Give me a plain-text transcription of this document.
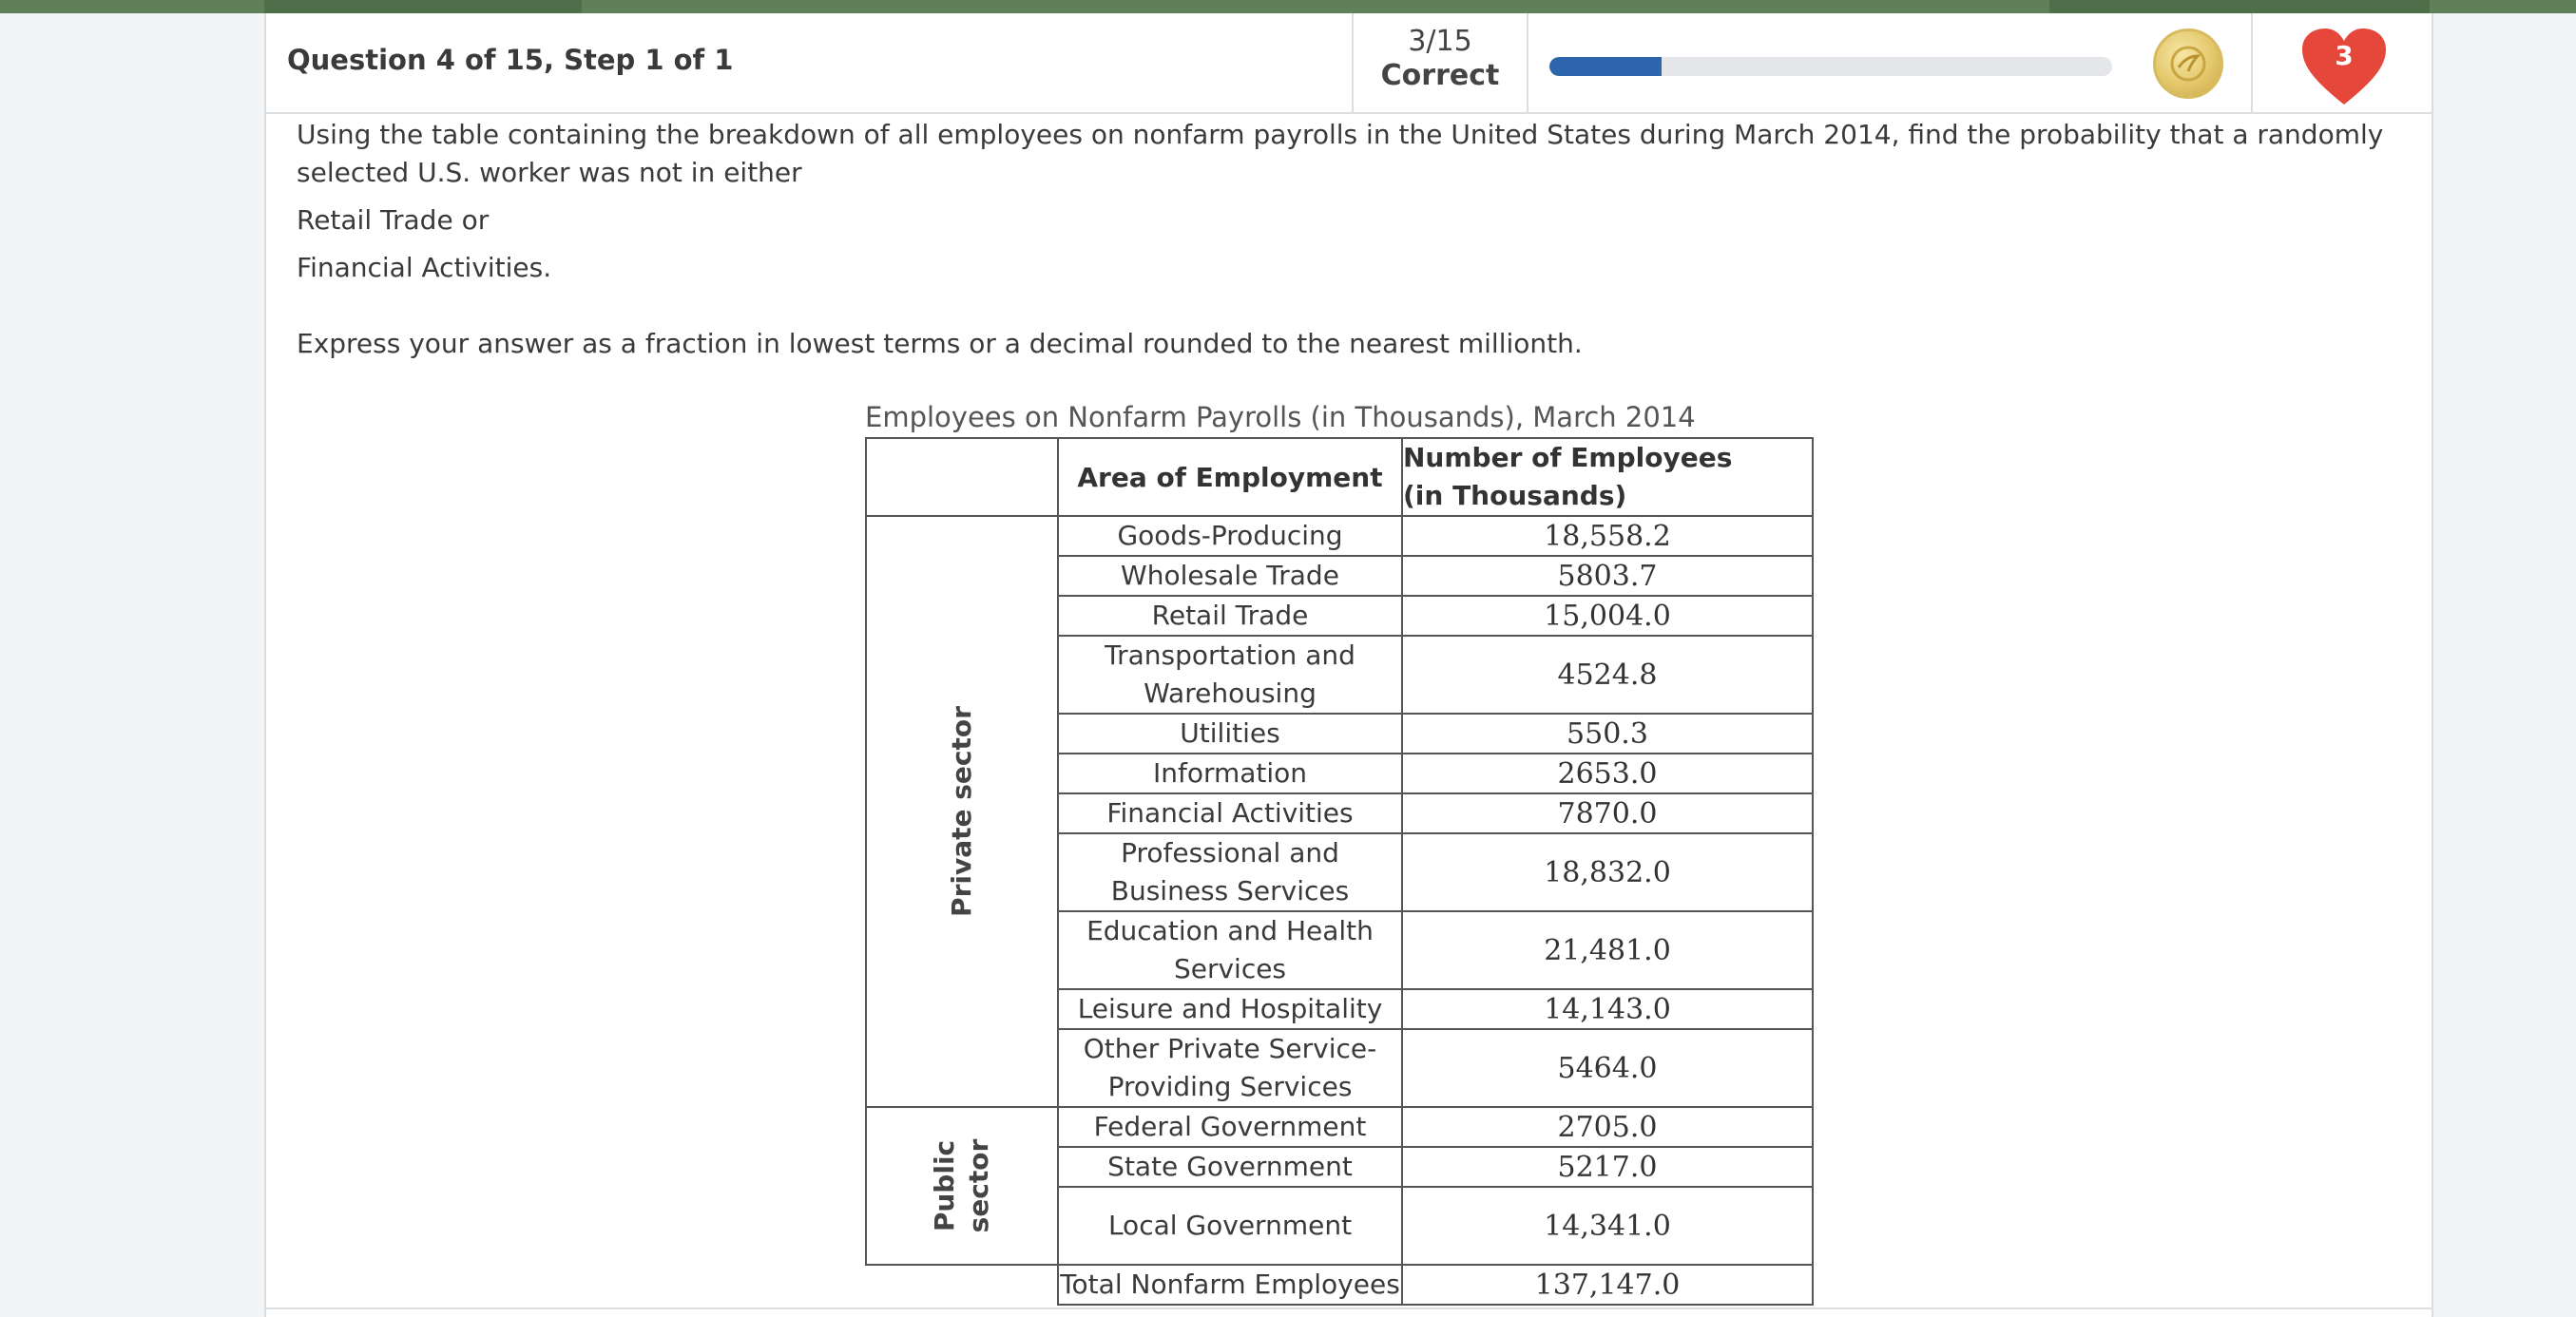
Question 4 of 15, Step 1 of 1
3/15
Correct
3

Using the table containing the breakdown of all employees on nonfarm payrolls in the United States during March 2014, find the probability that a randomly selected U.S. worker was not in either

Retail Trade or

Financial Activities.

Express your answer as a fraction in lowest terms or a decimal rounded to the nearest millionth.

Employees on Nonfarm Payrolls (in Thousands), March 2014
	Area of Employment	Number of Employees (in Thousands)

Private sector	Goods-Producing	18,558.2
	Wholesale Trade	5803.7
	Retail Trade	15,004.0
	Transportation and Warehousing	4524.8
	Utilities	550.3
	Information	2653.0
	Financial Activities	7870.0
	Professional and Business Services	18,832.0
	Education and Health Services	21,481.0
	Leisure and Hospitality	14,143.0
	Other Private Service-Providing Services	5464.0

Public sector	Federal Government	2705.0
	State Government	5217.0
	Local Government	14,341.0
	Total Nonfarm Employees	137,147.0
